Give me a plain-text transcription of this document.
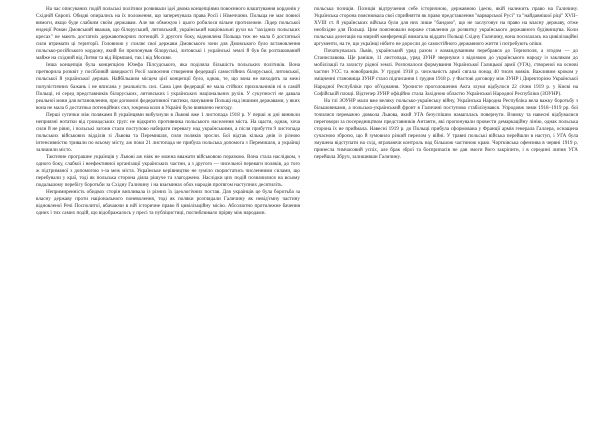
На час описуваних подій польські політики розвивали ідеї двома концепціями повоєнного влаштування кордонів у Східній Європі. Обидві опирались на їх положення, що заперечувала права Росії і Німеччини. Польща не має повної вимоги, якщо буде слабким своїм державам. Але ви обмежую і цього робилося вільне протилежне. Лідер польської ендеції Роман Дмовський вважав, що білоруський, литовський, український національні рухи на "західних польських кресах" не мають достатніх державотворчих потенцій. З другого боку, відновлена Польща теж не мала б достатньої сили втримати ці території. Головною у схиляє свої держави Дмовського зони для Дмовського було встановлення польсько-російського кордону, який би пропонував білоруські, литовські і українські землі й був би розташований майже на східний від Литви та від Вірмпані, так і від Москви.

Інша концепція була концепцією Юзефа Пілсудського, яка поділяла більшість польських політиків. Вона претворила розквіт у посібливій швидкості Росії засвоєння створення федерації самостійних білоруської, литовської, польської й української держав. Найбільшим місцем цієї концепції було, однак, те, що вона не виходить за межі популістичних бажань і не вписана у реальність сил. Сама ідея федерації не мала стійких прихильників ні в самій Польщі, ні серед представників білоруських, литовських і українських національних рухів. У сукупності не давала реальної мови для встановлення, при допомозі федеративної тактики, панування Польщі над іншими державами, у яких вона не мала б достатньо потенційних сил, зокрема коли в Україні було виявлено незгоду.

Перші сутички між поляками й українцями вибухнули в Львові вже 1 листопада 1918 р. У перші ж дні виникли неприязні нотатки від громадських груп: не відкрито противника польського населення міста. На щастя, однак, хоча сили й не рівні, і польські загони стали поступово набирати перевагу над українськими, а після прибуття 9 листопада польських військових відділів зі Львова та Перемишля, сили поляків зросли. Бої відтак кілька днів із різною інтенсивністю тривали по всьому місту, аж поки 21 листопада не прибула польська допомога з Перемишля, а українці залишили місто.

Тактичне програшне українців у Львові аж ніяк не можна вважати військовою поразкою. Вона стала наслідком, з одного боку, слабкої і неефективної організації українських частин, а з другого — чисельної переваги поляків, до того ж підтриманої з допомогою з-за меж міста. Українське керівництво не зуміло скористатись численними силами, що перебували у краї, тоді як польська сторона діяла рішуче та злагоджено. Наслідки цих подій позначилися на всьому подальшому перебігу боротьби за Східну Галичину і на взаєминах обох народів протягом наступних десятиліть.

Непримиренність обидвох сторін випливала із різних їх ідеологічних постав. Для українців це була боротьба за власну державу проти національного поневолення, тоді як поляки розглядали Галичину як невід'ємну частину відновленої Речі Посполитої, вбачаючи в ній історичне право й цивілізаційну місію. Абсолютно протилежне бачення одних і тих самих подій, що відображалось у пресі та публіцистиці, поглиблювало прірву між народами.

польська позиція. Позиція відтручення себе історичною, державною ідеєю, якій належить право на Галичину. Українська сторона пояснювала свої сприйняття як право представлення "варварської Русі" та "найдавнішої ріці" XVII–XVIII ст. й українських війська були для них лише "бандою", що не заслуговує на право на власну державу, отже необхідне для Польщі. Цим пояснювали вороже ставлення до розвитку українського державного будівництва. Коли польська делегація на мирній конференції вимагала віддати Польщі Східну Галичину, вона посилалась на цивілізаційні аргументи, на те, що українці нібито не доросли до самостійного державного життя і потребують опіки.

Початкувалась Львів, український уряд разом з командуванням перебрався до Тернополя, а згодом — до Станиславова. Ще раніше, 11 листопада, уряд ЗУНР звернувся з відозвою до українського народу із закликом до мобілізації та захисту рідної землі. Розпочалося формування Української Галицької армії (УГА), створеної на основі частин УСС та новобранців. У грудні 1918 р. чисельність армії сягала понад 40 тисяч вояків. Важливим кроком у зміцненні становища ЗУНР стало підписання 1 грудня 1918 р. у Фастові договору між ЗУНР і Директорією Української Народної Республіки про об'єднання. Урочисте проголошення Акта злуки відбулося 22 січня 1919 р. у Києві на Софійській площі. Відтепер ЗУНР офіційно стала Західною областю Української Народної Республіки (ЗОУНР).

На тлі ЗОУНР мали вже велику польсько-українську війну, Українська Народна Республіка вела важку боротьбу з більшовиками, а польсько-український фронт в Галичині поступово стабілізувався. Упродовж зими 1918–1919 рр. бої точилися переважно довкола Львова, який УГА безуспішно намагалась повернути. Взимку та навесні відбувалися переговори за посередництвом представників Антанти, які пропонували провести демаркаційну лінію, однак польська сторона їх не приймала. Навесні 1919 р. до Польщі прибула сформована у Франції армія генерала Галлера, оснащена сучасною зброєю, що й зумовило різкий перелом у війні. У травні польські війська перейшли в наступ, і УГА була змушена відступати на схід, втрачаючи контроль над більшою частиною краю. Чортківська офензива в червні 1919 р. принесла тимчасовий успіх, але брак зброї та боєприпасів не дав змоги його закріпити, і в середині липня УГА перейшла Збруч, залишивши Галичину.
